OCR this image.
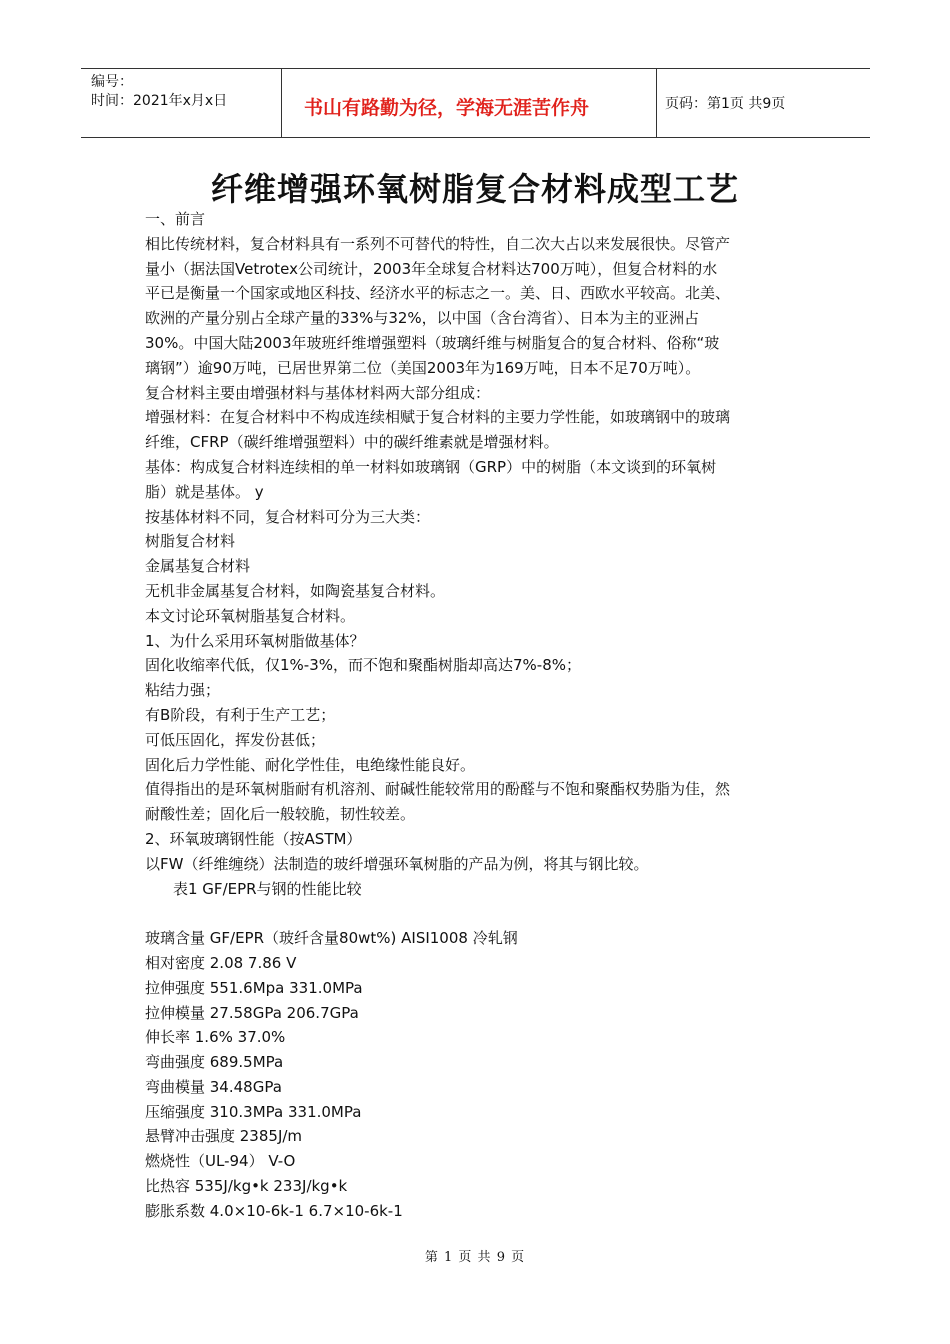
编号：
时间：2021年x月x日	书山有路勤为径，学海无涯苦作舟	页码：第1页 共9页
纤维增强环氧树脂复合材料成型工艺

一、前言

相比传统材料，复合材料具有一系列不可替代的特性，自二次大占以来发展很快。尽管产

量小（据法国Vetrotex公司统计，2003年全球复合材料达700万吨），但复合材料的水

平已是衡量一个国家或地区科技、经济水平的标志之一。美、日、西欧水平较高。北美、

欧洲的产量分别占全球产量的33%与32%，以中国（含台湾省）、日本为主的亚洲占

30%。中国大陆2003年玻班纤维增强塑料（玻璃纤维与树脂复合的复合材料、俗称“玻

璃钢”）逾90万吨，已居世界第二位（美国2003年为169万吨，日本不足70万吨）。

复合材料主要由增强材料与基体材料两大部分组成：

增强材料：在复合材料中不构成连续相赋于复合材料的主要力学性能，如玻璃钢中的玻璃

纤维，CFRP（碳纤维增强塑料）中的碳纤维素就是增强材料。

基体：构成复合材料连续相的单一材料如玻璃钢（GRP）中的树脂（本文谈到的环氧树

脂）就是基体。 y

按基体材料不同，复合材料可分为三大类：

树脂复合材料

金属基复合材料

无机非金属基复合材料，如陶瓷基复合材料。

本文讨论环氧树脂基复合材料。

1、为什么采用环氧树脂做基体？

固化收缩率代低，仅1%-3%，而不饱和聚酯树脂却高达7%-8%；

粘结力强；

有B阶段，有利于生产工艺；

可低压固化，挥发份甚低；

固化后力学性能、耐化学性佳，电绝缘性能良好。

值得指出的是环氧树脂耐有机溶剂、耐碱性能较常用的酚醛与不饱和聚酯权势脂为佳，然

耐酸性差；固化后一般较脆，韧性较差。

2、环氧玻璃钢性能（按ASTM）

以FW（纤维缠绕）法制造的玻纤增强环氧树脂的产品为例，将其与钢比较。

表1 GF/EPR与钢的性能比较

玻璃含量 GF/EPR（玻纤含量80wt%) AISI1008 冷轧钢

相对密度 2.08 7.86 V

拉伸强度 551.6Mpa 331.0MPa

拉伸模量 27.58GPa 206.7GPa

伸长率 1.6% 37.0%

弯曲强度 689.5MPa

弯曲模量 34.48GPa

压缩强度 310.3MPa 331.0MPa

悬臂冲击强度 2385J/m

燃烧性（UL-94） V-O

比热容 535J/kg•k 233J/kg•k

膨胀系数 4.0×10-6k-1 6.7×10-6k-1

第 1 页 共 9 页
